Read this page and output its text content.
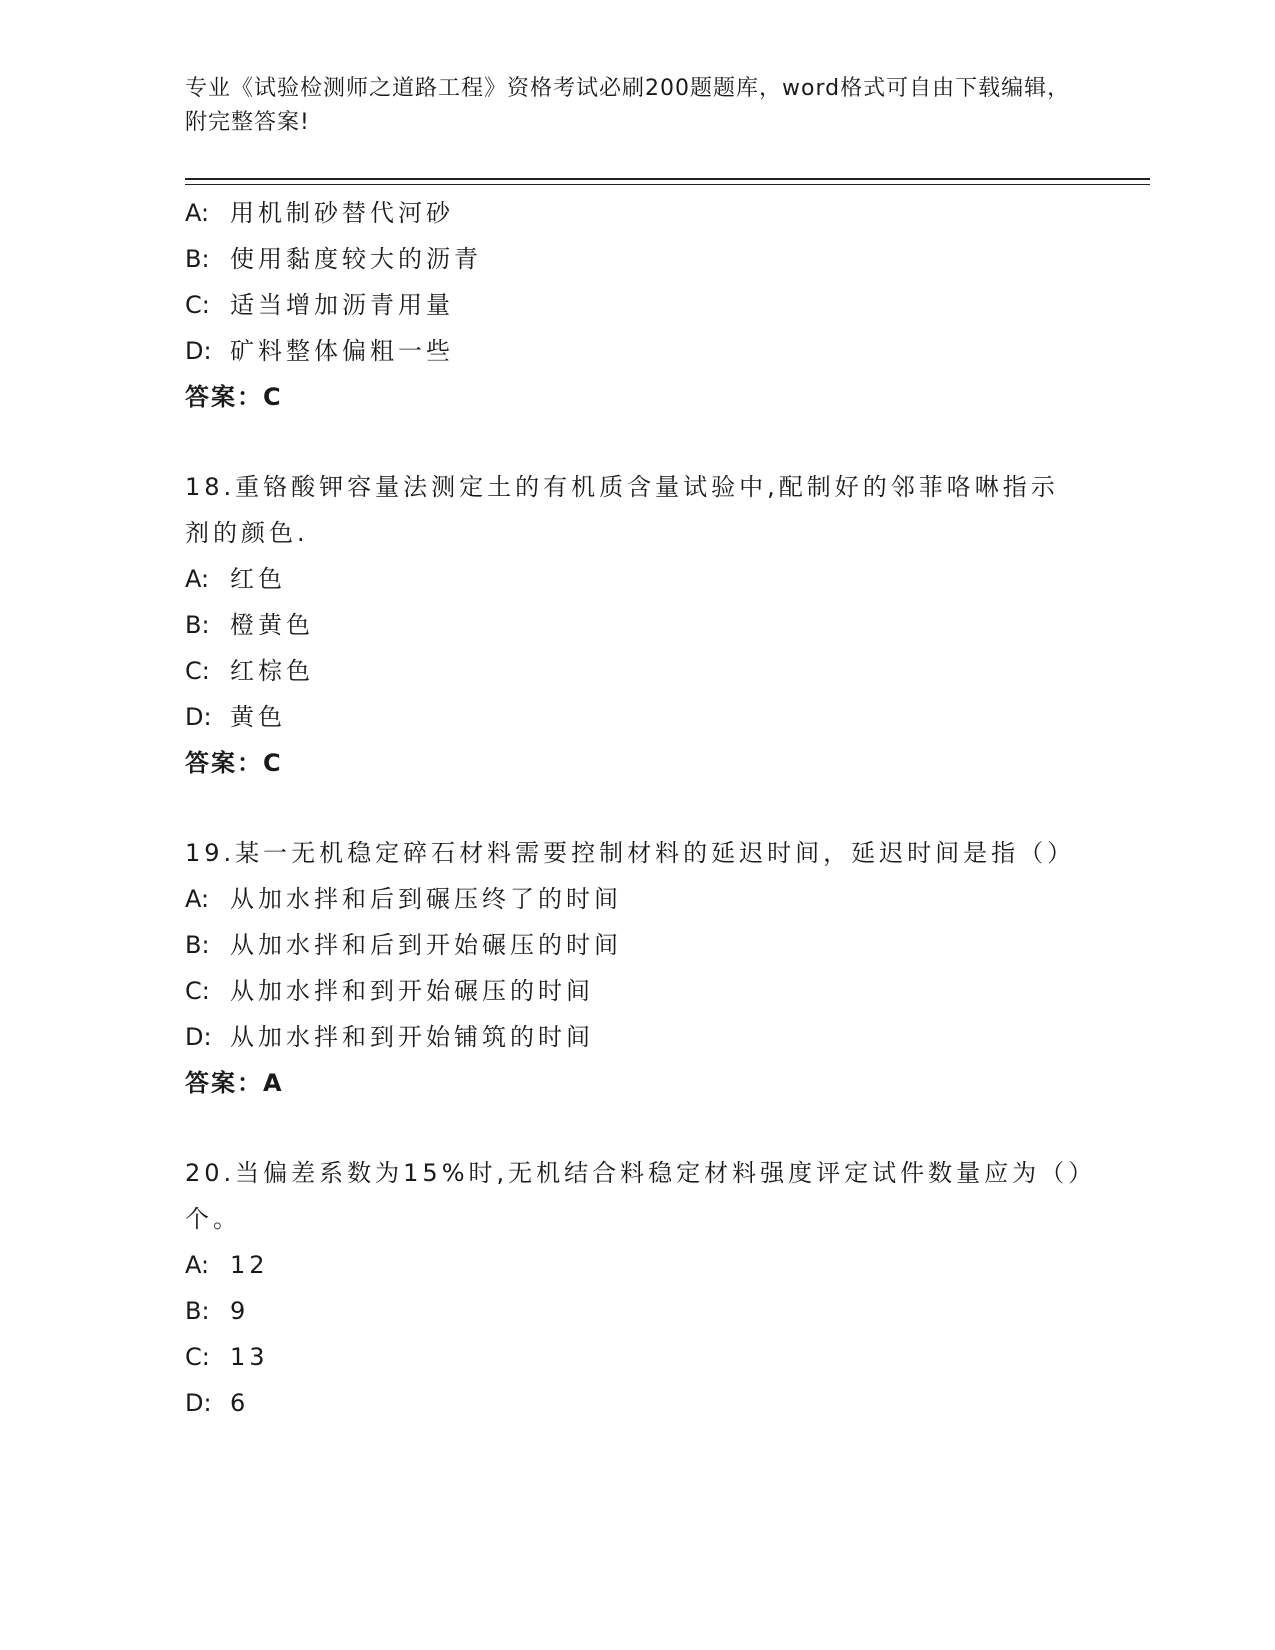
专业《试验检测师之道路工程》资格考试必刷200题题库，word格式可自由下载编辑，附完整答案!
A: 用机制砂替代河砂
B: 使用黏度较大的沥青
C: 适当增加沥青用量
D: 矿料整体偏粗一些
答案：C
18.重铬酸钾容量法测定土的有机质含量试验中,配制好的邻菲咯啉指示剂的颜色.
A: 红色
B: 橙黄色
C: 红棕色
D: 黄色
答案：C
19.某一无机稳定碎石材料需要控制材料的延迟时间，延迟时间是指（）
A: 从加水拌和后到碾压终了的时间
B: 从加水拌和后到开始碾压的时间
C: 从加水拌和到开始碾压的时间
D: 从加水拌和到开始铺筑的时间
答案：A
20.当偏差系数为15%时,无机结合料稳定材料强度评定试件数量应为（）个。
A: 12
B: 9
C: 13
D: 6
